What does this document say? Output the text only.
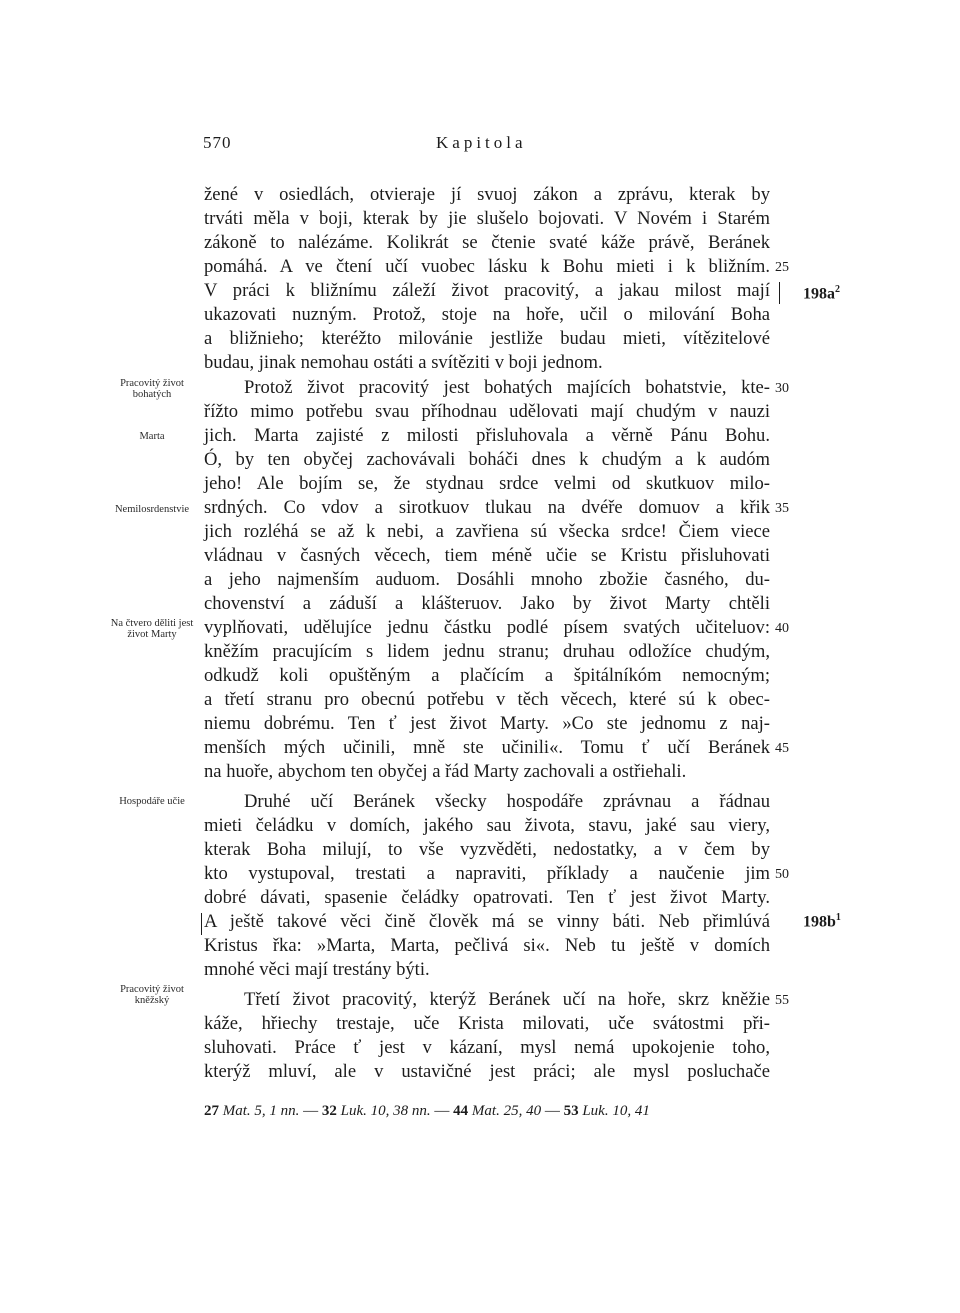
570	Kapitola
žené v osiedlách, otvieraje jí svuoj zákon a zprávu, kterak by
trváti měla v boji, kterak by jie slušelo bojovati. V Novém i Starém
zákoně to nalézáme. Kolikrát se čtenie svaté káže právě, Beránek
pomáhá. A ve čtení učí vuobec lásku k Bohu mieti i k bližním.
V práci k bližnímu záleží život pracovitý, a jakau milost mají
ukazovati nuzným. Protož, stoje na hoře, učil o milování Boha
a bližnieho; kteréžto milovánie jestliže budau mieti, vítězitelové
budau, jinak nemohau ostáti a svítěziti v boji jednom.
Protož život pracovitý jest bohatých majících bohatstvie, kte-
řížto mimo potřebu svau příhodnau udělovati mají chudým v nauzi
jich. Marta zajisté z milosti přisluhovala a věrně Pánu Bohu.
Ó, by ten obyčej zachovávali boháči dnes k chudým a k audóm
jeho! Ale bojím se, že stydnau srdce velmi od skutkuov milo-
srdných. Co vdov a sirotkuov tlukau na dvéře domuov a křik
jich rozléhá se až k nebi, a zavřiena sú všecka srdce! Čiem viece
vládnau v časných věcech, tiem méně učie se Kristu přisluhovati
a jeho najmenším auduom. Dosáhli mnoho zbožie časného, du-
chovenství a záduší a klášteruov. Jako by život Marty chtěli
vyplňovati, udělujíce jednu částku podlé písem svatých učiteluov:
kněžím pracujícím s lidem jednu stranu; druhau odložíce chudým,
odkudž koli opuštěným a plačícím a špitálníkóm nemocným;
a třetí stranu pro obecnú potřebu v těch věcech, které sú k obec-
niemu dobrému. Ten ť jest život Marty. »Co ste jednomu z naj-
menších mých učinili, mně ste učinili«. Tomu ť učí Beránek
na huoře, abychom ten obyčej a řád Marty zachovali a ostřiehali.
Druhé učí Beránek všecky hospodáře zprávnau a řádnau
mieti čeládku v domích, jakého sau života, stavu, jaké sau viery,
kterak Boha milují, to vše vyzvěděti, nedostatky, a v čem by
kto vystupoval, trestati a napraviti, příklady a naučenie jim
dobré dávati, spasenie čeládky opatrovati. Ten ť jest život Marty.
A ještě takové věci čině člověk má se vinny báti. Neb přimlúvá
Kristus řka: »Marta, Marta, pečlivá si«. Neb tu ještě v domích
mnohé věci mají trestány býti.
Třetí život pracovitý, kterýž Beránek učí na hoře, skrz kněžie
káže, hřiechy trestaje, uče Krista milovati, uče svátostmi při-
sluhovati. Práce ť jest v kázaní, mysl nemá upokojenie toho,
kterýž mluví, ale v ustavičné jest práci; ale mysl posluchače
25
30
35
40
45
50
55
Pracovitý život bohatých
Marta
Nemilosrdenstvie
Na čtvero děliti jest život Marty
Hospodáře učie
Pracovitý život kněžský
$198a^2$
$198b^1$
27 Mat. 5, 1 nn. — 32 Luk. 10, 38 nn. — 44 Mat. 25, 40 — 53 Luk. 10, 41
